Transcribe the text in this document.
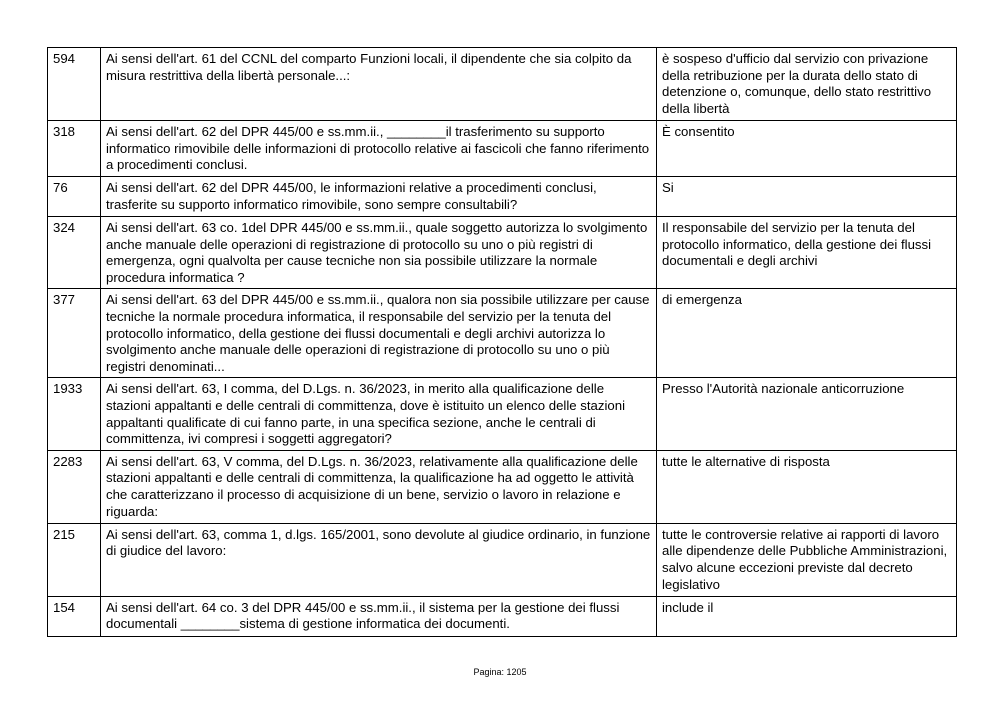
594	Ai sensi dell'art. 61 del CCNL del comparto Funzioni locali, il dipendente che sia colpito da misura restrittiva della libertà personale...:	è sospeso d'ufficio dal servizio con privazione della retribuzione per la durata dello stato di detenzione o, comunque, dello stato restrittivo della libertà
318	Ai sensi dell'art. 62 del DPR 445/00 e ss.mm.ii., ________il trasferimento su supporto informatico rimovibile delle informazioni di protocollo relative ai fascicoli che fanno riferimento a procedimenti conclusi.	È consentito
76	Ai sensi dell'art. 62 del DPR 445/00, le informazioni relative a procedimenti conclusi, trasferite su supporto informatico rimovibile, sono sempre consultabili?	Si
324	Ai sensi dell'art. 63 co. 1del DPR 445/00 e ss.mm.ii., quale soggetto autorizza lo svolgimento anche manuale delle operazioni di registrazione di protocollo su uno o più registri di emergenza, ogni qualvolta per cause tecniche non sia possibile utilizzare la normale procedura informatica ?	Il responsabile del servizio per la tenuta del protocollo informatico, della gestione dei flussi documentali e degli archivi
377	Ai sensi dell'art. 63 del DPR 445/00 e ss.mm.ii., qualora non sia possibile utilizzare per cause tecniche la normale procedura informatica, il responsabile del servizio per la tenuta del protocollo informatico, della gestione dei flussi documentali e degli archivi autorizza lo svolgimento anche manuale delle operazioni di registrazione di protocollo su uno o più registri denominati...	di emergenza
1933	Ai sensi dell'art. 63, I comma, del D.Lgs. n. 36/2023, in merito alla qualificazione delle stazioni appaltanti e delle centrali di committenza, dove è istituito un elenco delle stazioni appaltanti qualificate di cui fanno parte, in una specifica sezione, anche le centrali di committenza, ivi compresi i soggetti aggregatori?	Presso l'Autorità nazionale anticorruzione
2283	Ai sensi dell'art. 63, V comma, del D.Lgs. n. 36/2023, relativamente alla qualificazione delle stazioni appaltanti e delle centrali di committenza, la qualificazione ha ad oggetto le attività che caratterizzano il processo di acquisizione di un bene, servizio o lavoro in relazione e riguarda:	tutte le alternative di risposta
215	Ai sensi dell'art. 63, comma 1, d.lgs. 165/2001, sono devolute al giudice ordinario, in funzione di giudice del lavoro:	tutte le controversie relative ai rapporti di lavoro alle dipendenze delle Pubbliche Amministrazioni, salvo alcune eccezioni previste dal decreto legislativo
154	Ai sensi dell'art. 64 co. 3 del DPR 445/00 e ss.mm.ii., il sistema per la gestione dei flussi documentali ________sistema di gestione informatica dei documenti.	include il
Pagina: 1205
